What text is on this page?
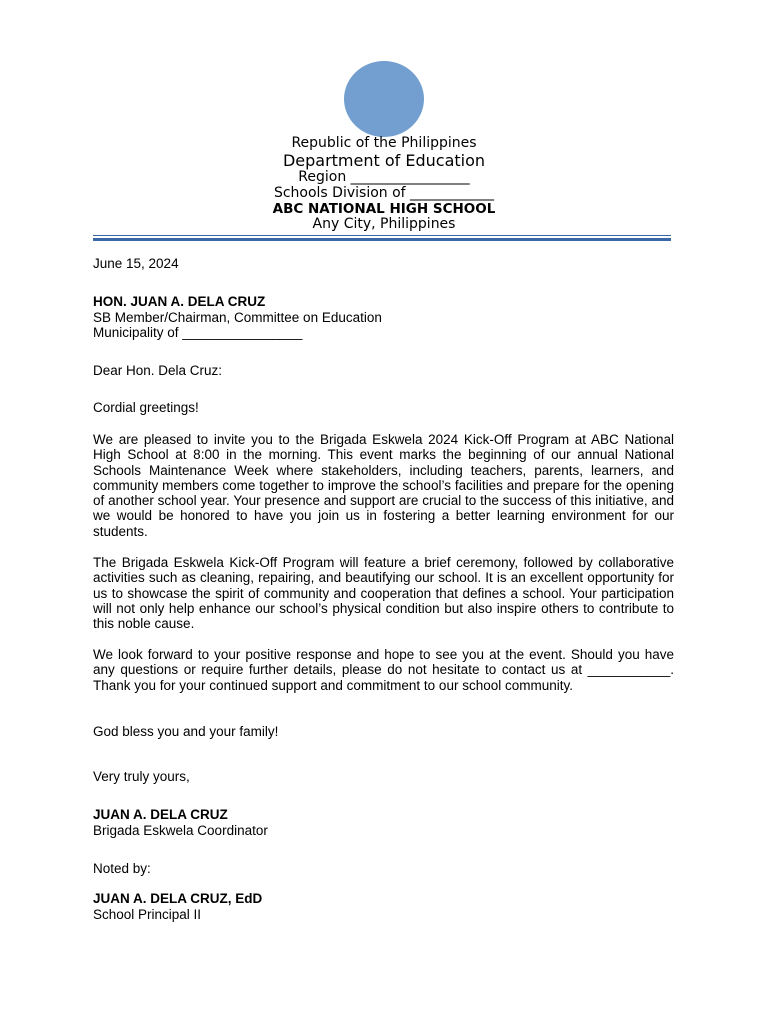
Republic of the Philippines
Department of Education
Region _________________
Schools Division of ____________
ABC NATIONAL HIGH SCHOOL
Any City, Philippines
June 15, 2024
HON. JUAN A. DELA CRUZ
SB Member/Chairman, Committee on Education
Municipality of ________________
Dear Hon. Dela Cruz:
Cordial greetings!
We are pleased to invite you to the Brigada Eskwela 2024 Kick-Off Program at ABC National High School at 8:00 in the morning. This event marks the beginning of our annual National Schools Maintenance Week where stakeholders, including teachers, parents, learners, and community members come together to improve the school’s facilities and prepare for the opening of another school year. Your presence and support are crucial to the success of this initiative, and we would be honored to have you join us in fostering a better learning environment for our students.
The Brigada Eskwela Kick-Off Program will feature a brief ceremony, followed by collaborative activities such as cleaning, repairing, and beautifying our school. It is an excellent opportunity for us to showcase the spirit of community and cooperation that defines a school. Your participation will not only help enhance our school’s physical condition but also inspire others to contribute to this noble cause.
We look forward to your positive response and hope to see you at the event. Should you have any questions or require further details, please do not hesitate to contact us at ___________. Thank you for your continued support and commitment to our school community.
God bless you and your family!
Very truly yours,
JUAN A. DELA CRUZ
Brigada Eskwela Coordinator
Noted by:
JUAN A. DELA CRUZ, EdD
School Principal II
